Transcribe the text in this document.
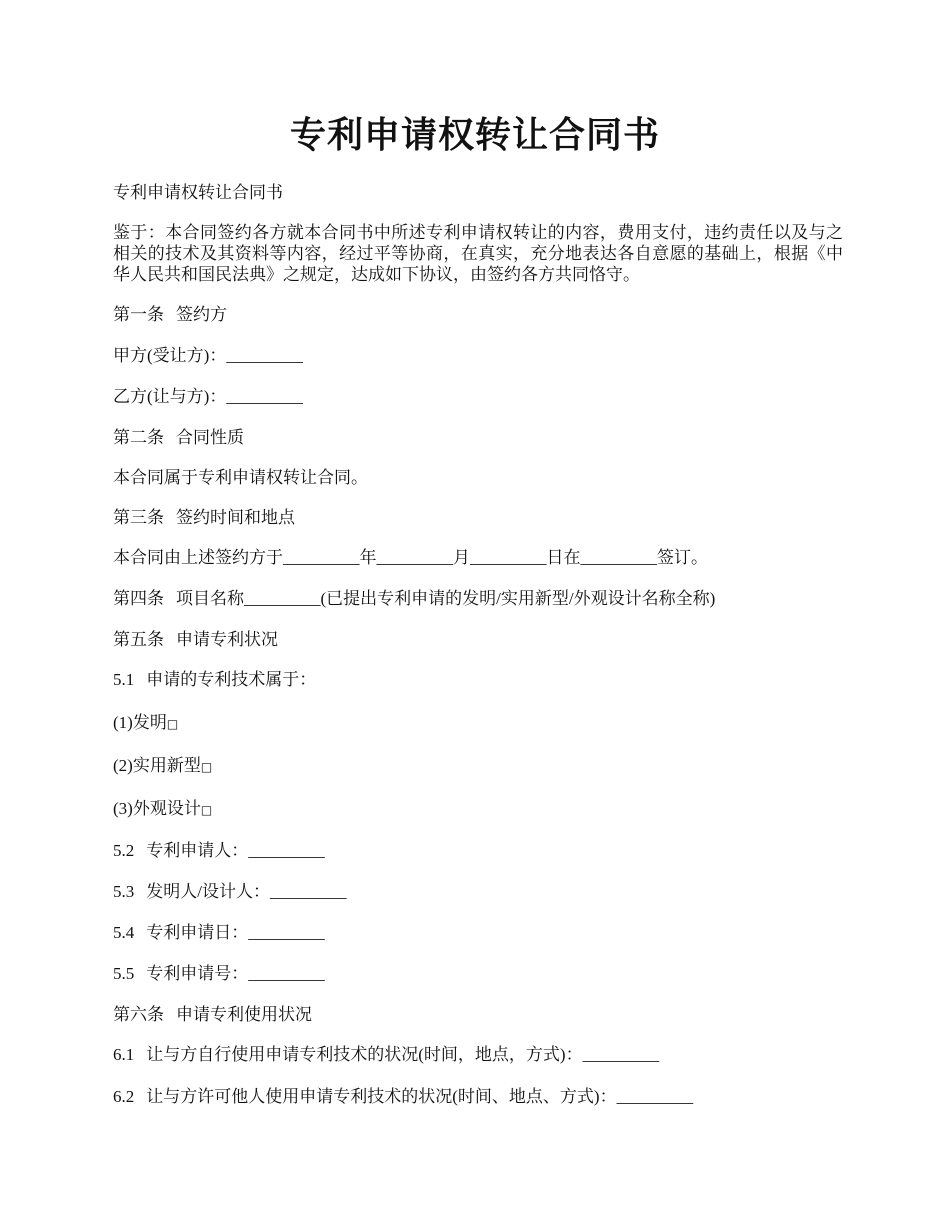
专利申请权转让合同书
专利申请权转让合同书
鉴于：本合同签约各方就本合同书中所述专利申请权转让的内容，费用支付，违约责任以及与之相关的技术及其资料等内容，经过平等协商，在真实，充分地表达各自意愿的基础上，根据《中华人民共和国民法典》之规定，达成如下协议，由签约各方共同恪守。
第一条 签约方
甲方(受让方)：_________
乙方(让与方)：_________
第二条 合同性质
本合同属于专利申请权转让合同。
第三条 签约时间和地点
本合同由上述签约方于_________年_________月_________日在_________签订。
第四条 项目名称_________(已提出专利申请的发明/实用新型/外观设计名称全称)
第五条 申请专利状况
5.1 申请的专利技术属于：
(1)发明□
(2)实用新型□
(3)外观设计□
5.2 专利申请人：_________
5.3 发明人/设计人：_________
5.4 专利申请日：_________
5.5 专利申请号：_________
第六条 申请专利使用状况
6.1 让与方自行使用申请专利技术的状况(时间，地点，方式)：_________
6.2 让与方许可他人使用申请专利技术的状况(时间、地点、方式)：_________
